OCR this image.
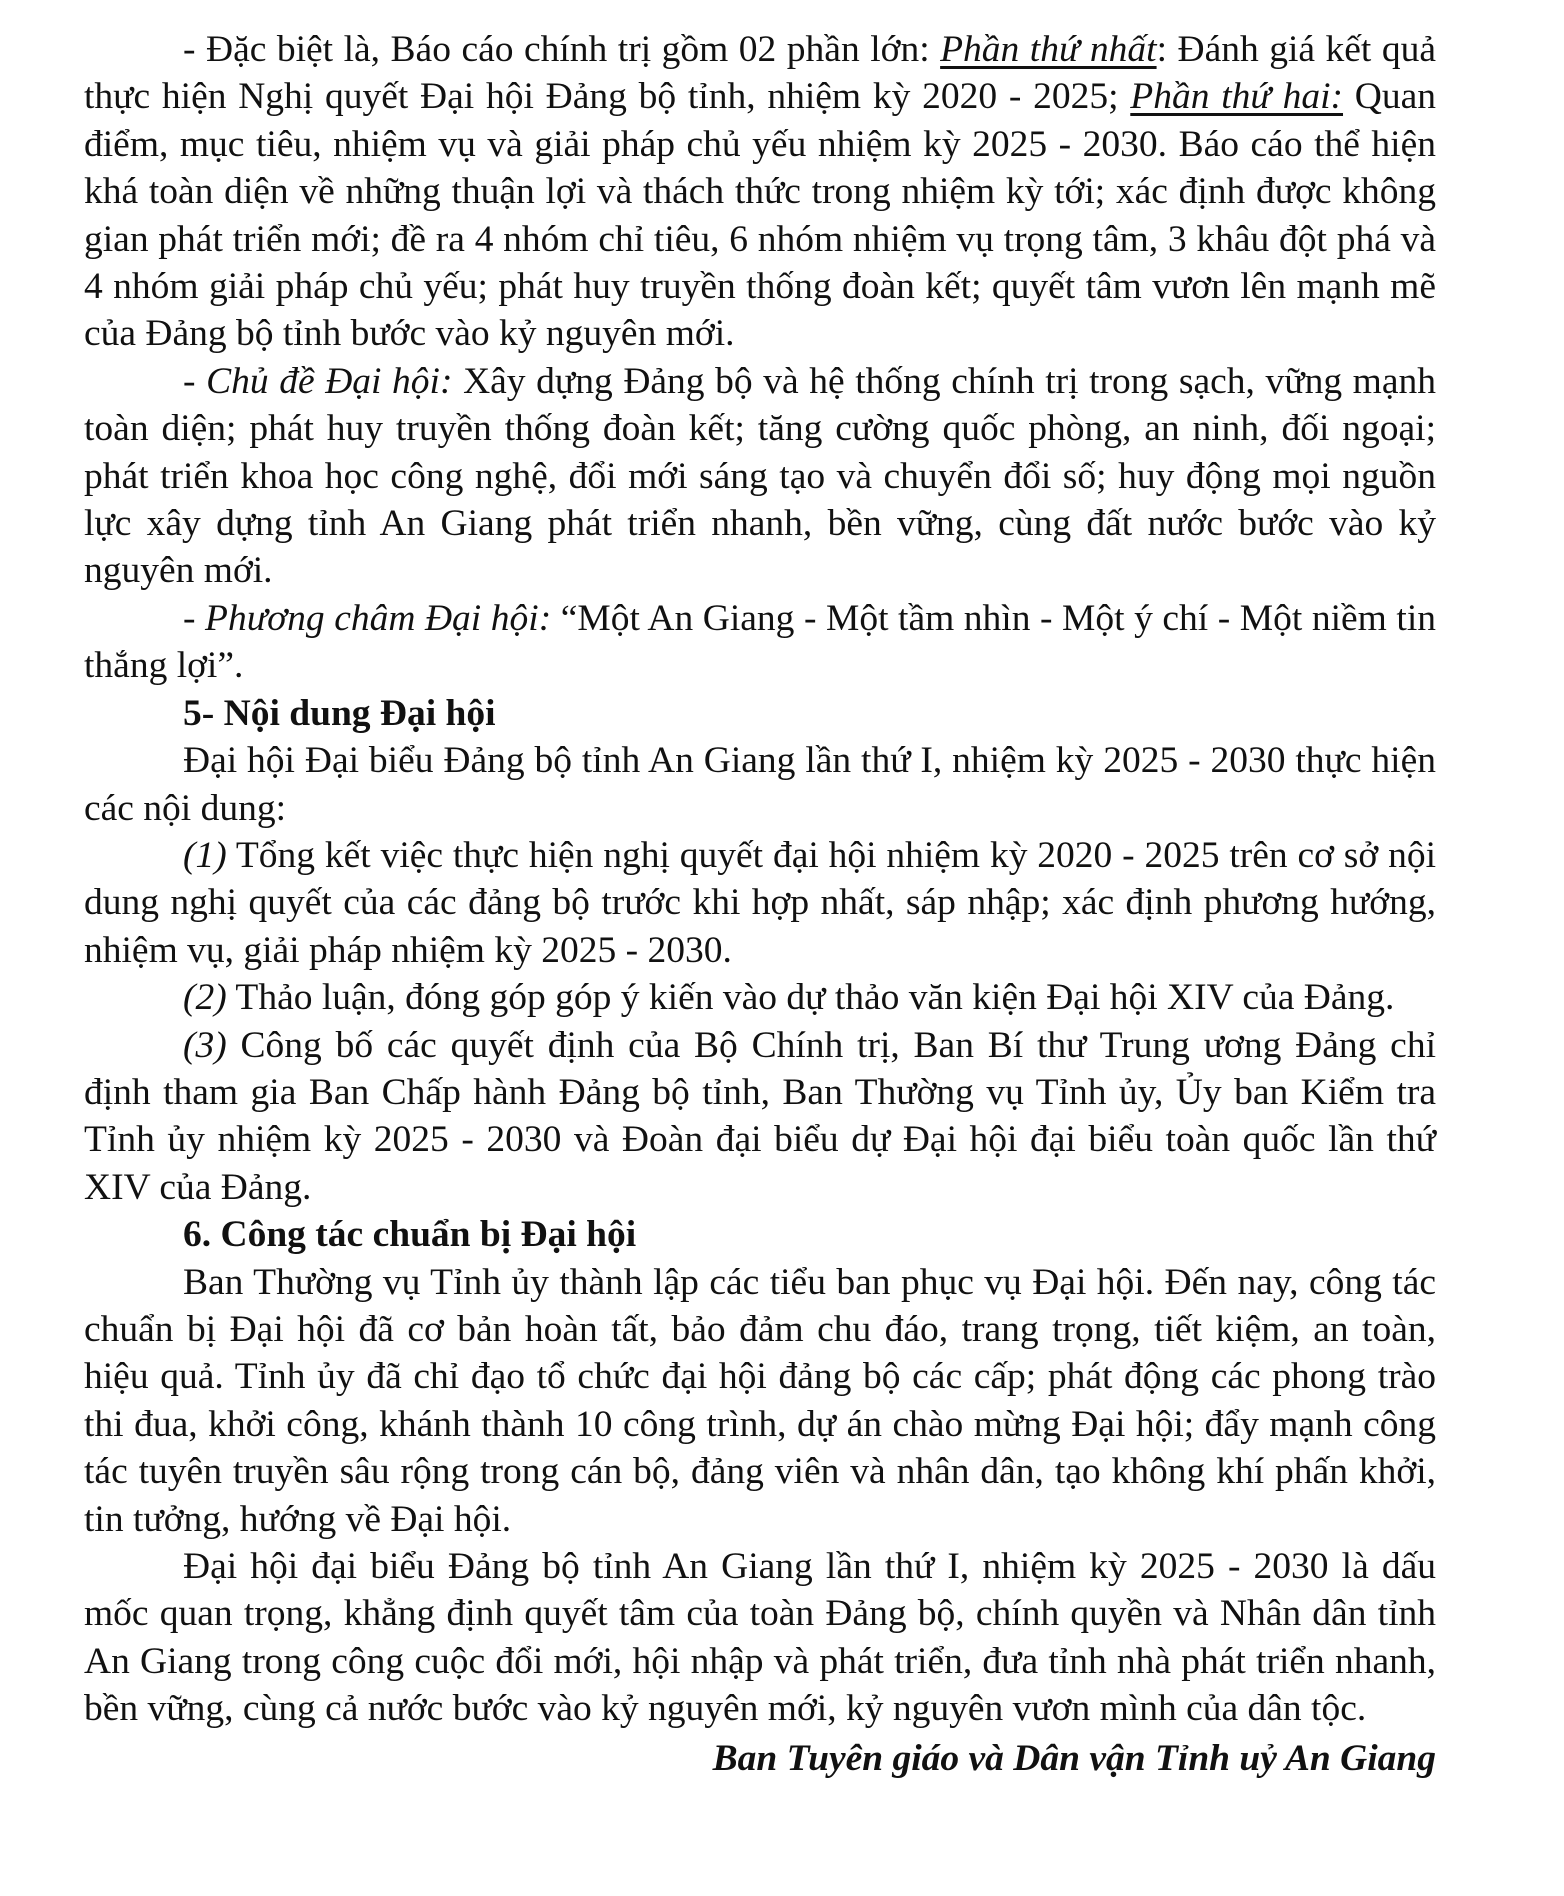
- Đặc biệt là, Báo cáo chính trị gồm 02 phần lớn: Phần thứ nhất: Đánh giá kết quả thực hiện Nghị quyết Đại hội Đảng bộ tỉnh, nhiệm kỳ 2020 - 2025; Phần thứ hai: Quan điểm, mục tiêu, nhiệm vụ và giải pháp chủ yếu nhiệm kỳ 2025 - 2030. Báo cáo thể hiện khá toàn diện về những thuận lợi và thách thức trong nhiệm kỳ tới; xác định được không gian phát triển mới; đề ra 4 nhóm chỉ tiêu, 6 nhóm nhiệm vụ trọng tâm, 3 khâu đột phá và 4 nhóm giải pháp chủ yếu; phát huy truyền thống đoàn kết; quyết tâm vươn lên mạnh mẽ của Đảng bộ tỉnh bước vào kỷ nguyên mới.

- Chủ đề Đại hội: Xây dựng Đảng bộ và hệ thống chính trị trong sạch, vững mạnh toàn diện; phát huy truyền thống đoàn kết; tăng cường quốc phòng, an ninh, đối ngoại; phát triển khoa học công nghệ, đổi mới sáng tạo và chuyển đổi số; huy động mọi nguồn lực xây dựng tỉnh An Giang phát triển nhanh, bền vững, cùng đất nước bước vào kỷ nguyên mới.

- Phương châm Đại hội: “Một An Giang - Một tầm nhìn - Một ý chí - Một niềm tin thắng lợi”.

5- Nội dung Đại hội

Đại hội Đại biểu Đảng bộ tỉnh An Giang lần thứ I, nhiệm kỳ 2025 - 2030 thực hiện các nội dung:

(1) Tổng kết việc thực hiện nghị quyết đại hội nhiệm kỳ 2020 - 2025 trên cơ sở nội dung nghị quyết của các đảng bộ trước khi hợp nhất, sáp nhập; xác định phương hướng, nhiệm vụ, giải pháp nhiệm kỳ 2025 - 2030.

(2) Thảo luận, đóng góp góp ý kiến vào dự thảo văn kiện Đại hội XIV của Đảng.

(3) Công bố các quyết định của Bộ Chính trị, Ban Bí thư Trung ương Đảng chỉ định tham gia Ban Chấp hành Đảng bộ tỉnh, Ban Thường vụ Tỉnh ủy, Ủy ban Kiểm tra Tỉnh ủy nhiệm kỳ 2025 - 2030 và Đoàn đại biểu dự Đại hội đại biểu toàn quốc lần thứ XIV của Đảng.

6. Công tác chuẩn bị Đại hội

Ban Thường vụ Tỉnh ủy thành lập các tiểu ban phục vụ Đại hội. Đến nay, công tác chuẩn bị Đại hội đã cơ bản hoàn tất, bảo đảm chu đáo, trang trọng, tiết kiệm, an toàn, hiệu quả. Tỉnh ủy đã chỉ đạo tổ chức đại hội đảng bộ các cấp; phát động các phong trào thi đua, khởi công, khánh thành 10 công trình, dự án chào mừng Đại hội; đẩy mạnh công tác tuyên truyền sâu rộng trong cán bộ, đảng viên và nhân dân, tạo không khí phấn khởi, tin tưởng, hướng về Đại hội.

Đại hội đại biểu Đảng bộ tỉnh An Giang lần thứ I, nhiệm kỳ 2025 - 2030 là dấu mốc quan trọng, khẳng định quyết tâm của toàn Đảng bộ, chính quyền và Nhân dân tỉnh An Giang trong công cuộc đổi mới, hội nhập và phát triển, đưa tỉnh nhà phát triển nhanh, bền vững, cùng cả nước bước vào kỷ nguyên mới, kỷ nguyên vươn mình của dân tộc.

Ban Tuyên giáo và Dân vận Tỉnh uỷ An Giang
